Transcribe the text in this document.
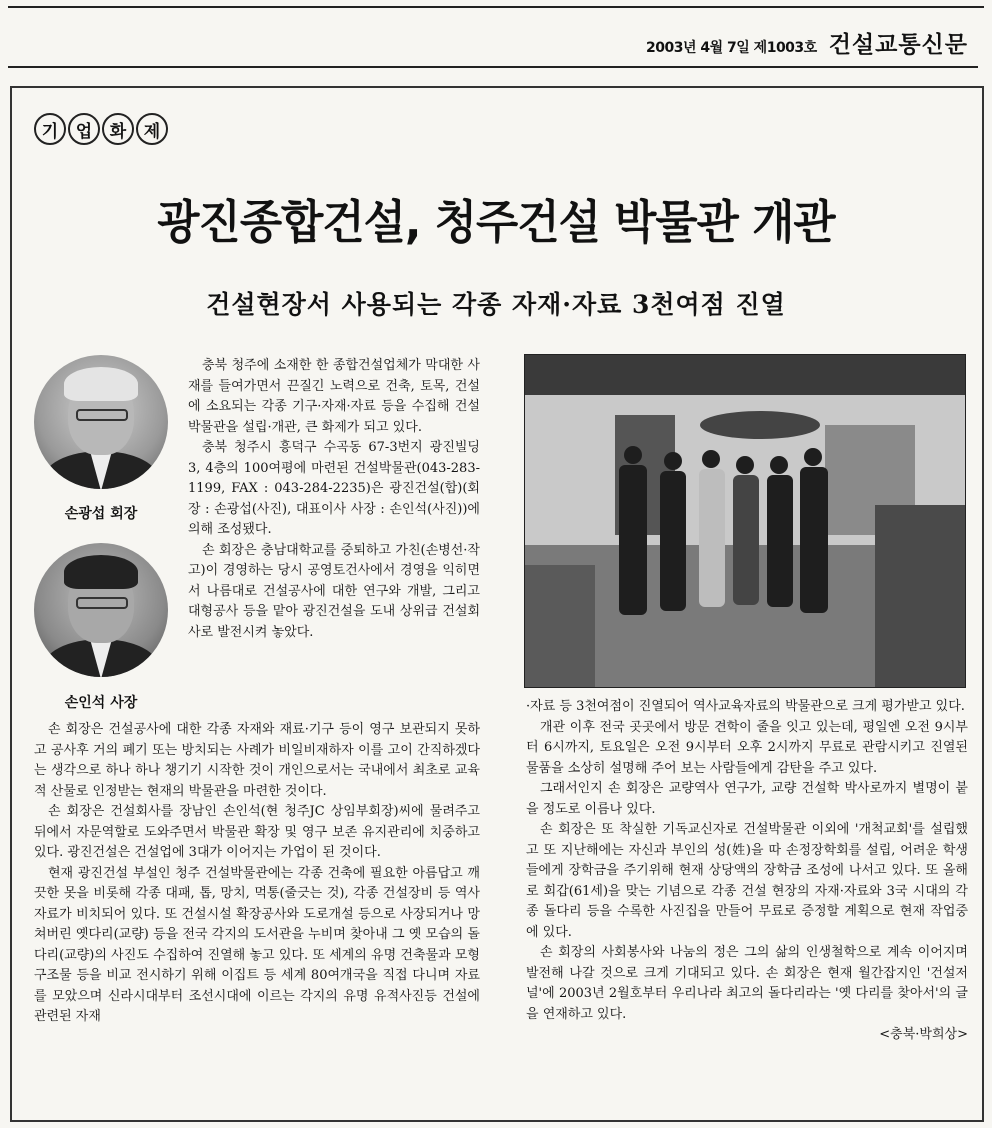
2003년 4월 7일 제1003호 건설교통신문
기	업	화	제
광진종합건설, 청주건설 박물관 개관
건설현장서 사용되는 각종 자재·자료 3천여점 진열
손광섭 회장
손인석 사장

충북 청주에 소재한 한 종합건설업체가 막대한 사재를 들여가면서 끈질긴 노력으로 건축, 토목, 건설에 소요되는 각종 기구·자재·자료 등을 수집해 건설박물관을 설립·개관, 큰 화제가 되고 있다.

충북 청주시 흥덕구 수곡동 67-3번지 광진빌딩 3, 4층의 100여평에 마련된 건설박물관(043-283-1199, FAX : 043-284-2235)은 광진건설(합)(회장 : 손광섭(사진), 대표이사 사장 : 손인석(사진))에 의해 조성됐다.

손 회장은 충남대학교를 중퇴하고 가친(손병선·작고)이 경영하는 당시 공영토건사에서 경영을 익히면서 나름대로 건설공사에 대한 연구와 개발, 그리고 대형공사 등을 맡아 광진건설을 도내 상위급 건설회사로 발전시켜 놓았다.

손 회장은 건설공사에 대한 각종 자재와 재료·기구 등이 영구 보관되지 못하고 공사후 거의 폐기 또는 방치되는 사례가 비일비재하자 이를 고이 간직하겠다는 생각으로 하나 하나 챙기기 시작한 것이 개인으로서는 국내에서 최초로 교육적 산물로 인정받는 현재의 박물관을 마련한 것이다.

손 회장은 건설회사를 장남인 손인석(현 청주JC 상임부회장)씨에 물려주고 뒤에서 자문역할로 도와주면서 박물관 확장 및 영구 보존 유지관리에 치중하고 있다. 광진건설은 건설업에 3대가 이어지는 가업이 된 것이다.

현재 광진건설 부설인 청주 건설박물관에는 각종 건축에 필요한 아름답고 깨끗한 못을 비롯해 각종 대패, 톱, 망치, 먹통(줄긋는 것), 각종 건설장비 등 역사 자료가 비치되어 있다. 또 건설시설 확장공사와 도로개설 등으로 사장되거나 망쳐버린 옛다리(교량) 등을 전국 각지의 도서관을 누비며 찾아내 그 옛 모습의 돌다리(교량)의 사진도 수집하여 진열해 놓고 있다. 또 세계의 유명 건축물과 모형 구조물 등을 비교 전시하기 위해 이집트 등 세계 80여개국을 직접 다니며 자료를 모았으며 신라시대부터 조선시대에 이르는 각지의 유명 유적사진등 건설에 관련된 자재

·자료 등 3천여점이 진열되어 역사교육자료의 박물관으로 크게 평가받고 있다.

개관 이후 전국 곳곳에서 방문 견학이 줄을 잇고 있는데, 평일엔 오전 9시부터 6시까지, 토요일은 오전 9시부터 오후 2시까지 무료로 관람시키고 진열된 물품을 소상히 설명해 주어 보는 사람들에게 감탄을 주고 있다.

그래서인지 손 회장은 교량역사 연구가, 교량 건설학 박사로까지 별명이 붙을 정도로 이름나 있다.

손 회장은 또 착실한 기독교신자로 건설박물관 이외에 '개척교회'를 설립했고 또 지난해에는 자신과 부인의 성(姓)을 따 손정장학회를 설립, 어려운 학생들에게 장학금을 주기위해 현재 상당액의 장학금 조성에 나서고 있다. 또 올해로 회갑(61세)을 맞는 기념으로 각종 건설 현장의 자재·자료와 3국 시대의 각종 돌다리 등을 수록한 사진집을 만들어 무료로 증정할 계획으로 현재 작업중에 있다.

손 회장의 사회봉사와 나눔의 정은 그의 삶의 인생철학으로 계속 이어지며 발전해 나갈 것으로 크게 기대되고 있다. 손 회장은 현재 월간잡지인 '건설저널'에 2003년 2월호부터 우리나라 최고의 돌다리라는 '옛 다리를 찾아서'의 글을 연재하고 있다.

<충북·박희상>
